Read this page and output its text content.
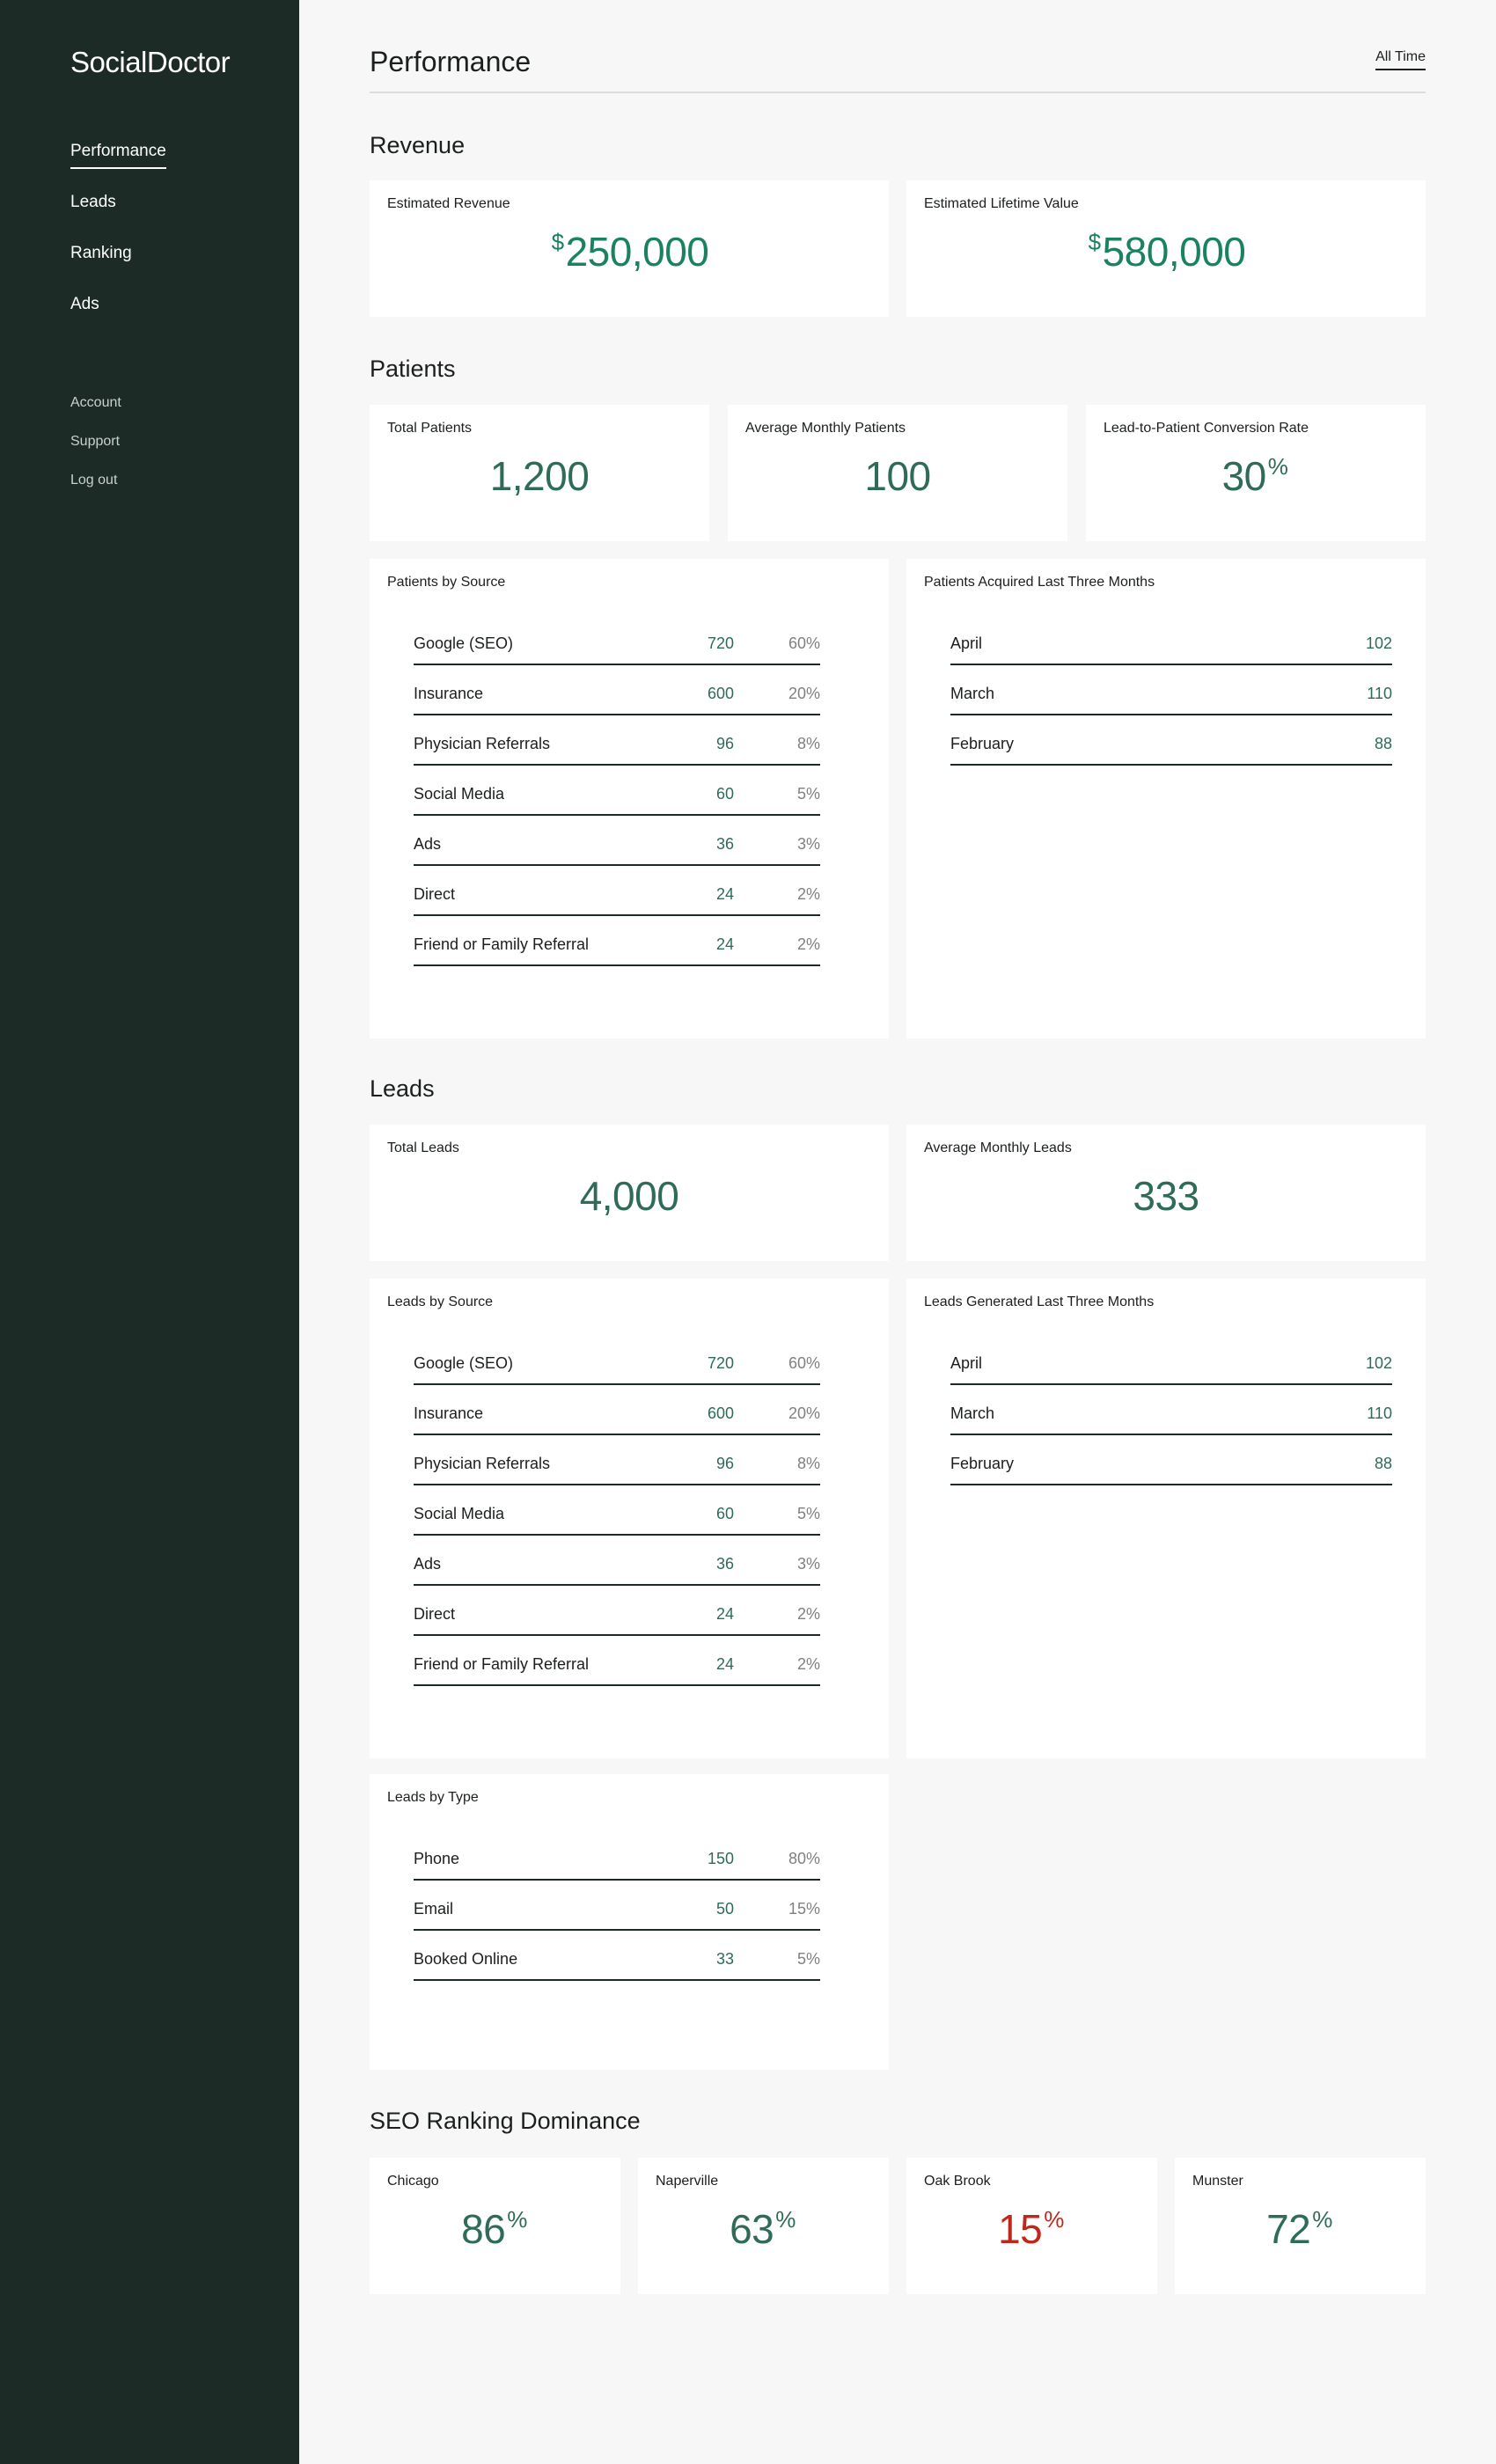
SocialDoctor
Performance
Leads
Ranking
Ads
Account
Support
Log out
Performance	All Time
Revenue
Estimated Revenue
$250,000
Estimated Lifetime Value
$580,000
Patients
Total Patients
1,200
Average Monthly Patients
100
Lead-to-Patient Conversion Rate
30%
Patients by Source
Google (SEO)	720	60%
Insurance	600	20%
Physician Referrals	96	8%
Social Media	60	5%
Ads	36	3%
Direct	24	2%
Friend or Family Referral	24	2%
Patients Acquired Last Three Months
April	102
March	110
February	88
Leads
Total Leads
4,000
Average Monthly Leads
333
Leads by Source
Google (SEO)	720	60%
Insurance	600	20%
Physician Referrals	96	8%
Social Media	60	5%
Ads	36	3%
Direct	24	2%
Friend or Family Referral	24	2%
Leads Generated Last Three Months
April	102
March	110
February	88
Leads by Type
Phone	150	80%
Email	50	15%
Booked Online	33	5%
SEO Ranking Dominance
Chicago
86%
Naperville
63%
Oak Brook
15%
Munster
72%
